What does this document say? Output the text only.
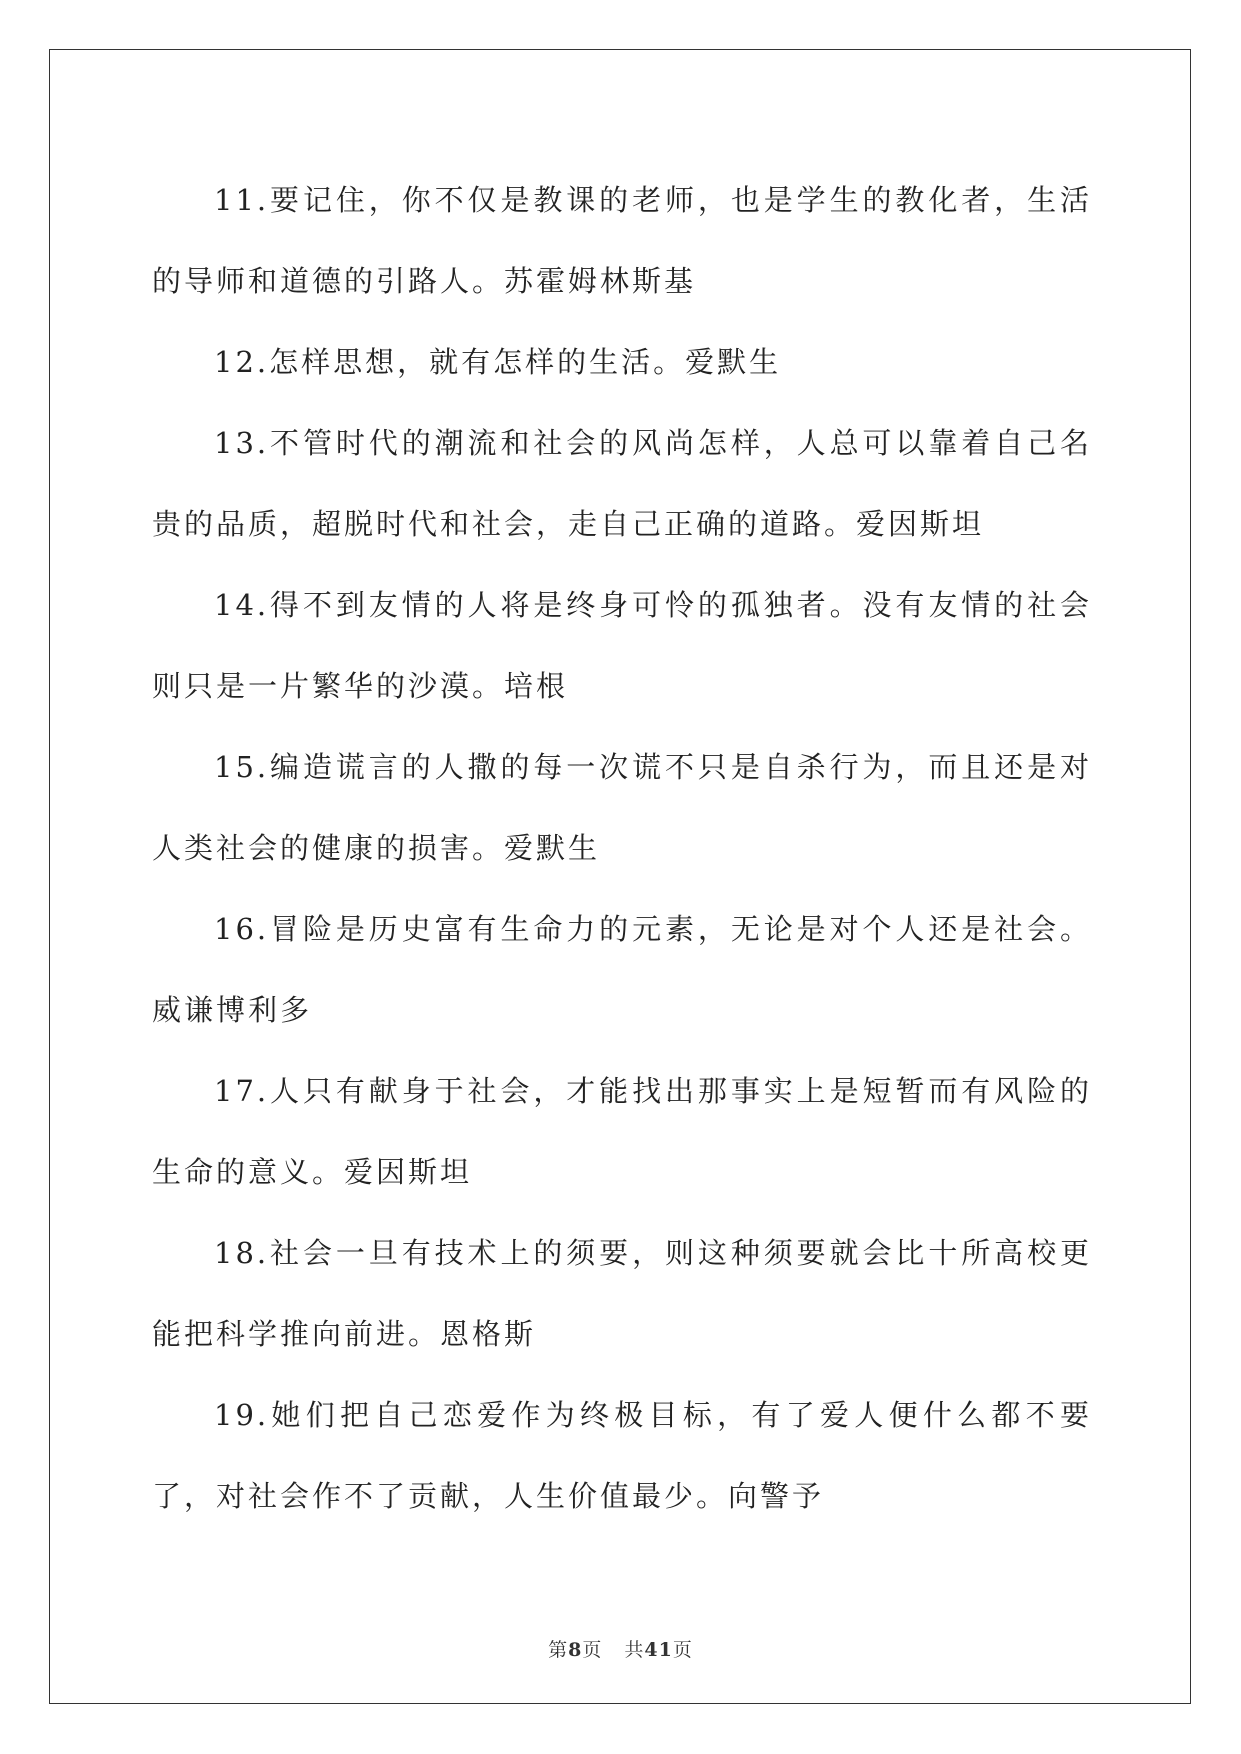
11.要记住，你不仅是教课的老师，也是学生的教化者，生活的导师和道德的引路人。苏霍姆林斯基

12.怎样思想，就有怎样的生活。爱默生

13.不管时代的潮流和社会的风尚怎样，人总可以靠着自己名贵的品质，超脱时代和社会，走自己正确的道路。爱因斯坦

14.得不到友情的人将是终身可怜的孤独者。没有友情的社会则只是一片繁华的沙漠。培根

15.编造谎言的人撒的每一次谎不只是自杀行为，而且还是对人类社会的健康的损害。爱默生

16.冒险是历史富有生命力的元素，无论是对个人还是社会。威谦博利多

17.人只有献身于社会，才能找出那事实上是短暂而有风险的生命的意义。爱因斯坦

18.社会一旦有技术上的须要，则这种须要就会比十所高校更能把科学推向前进。恩格斯

19.她们把自己恋爱作为终极目标，有了爱人便什么都不要了，对社会作不了贡献，人生价值最少。向警予

第8页 共41页
